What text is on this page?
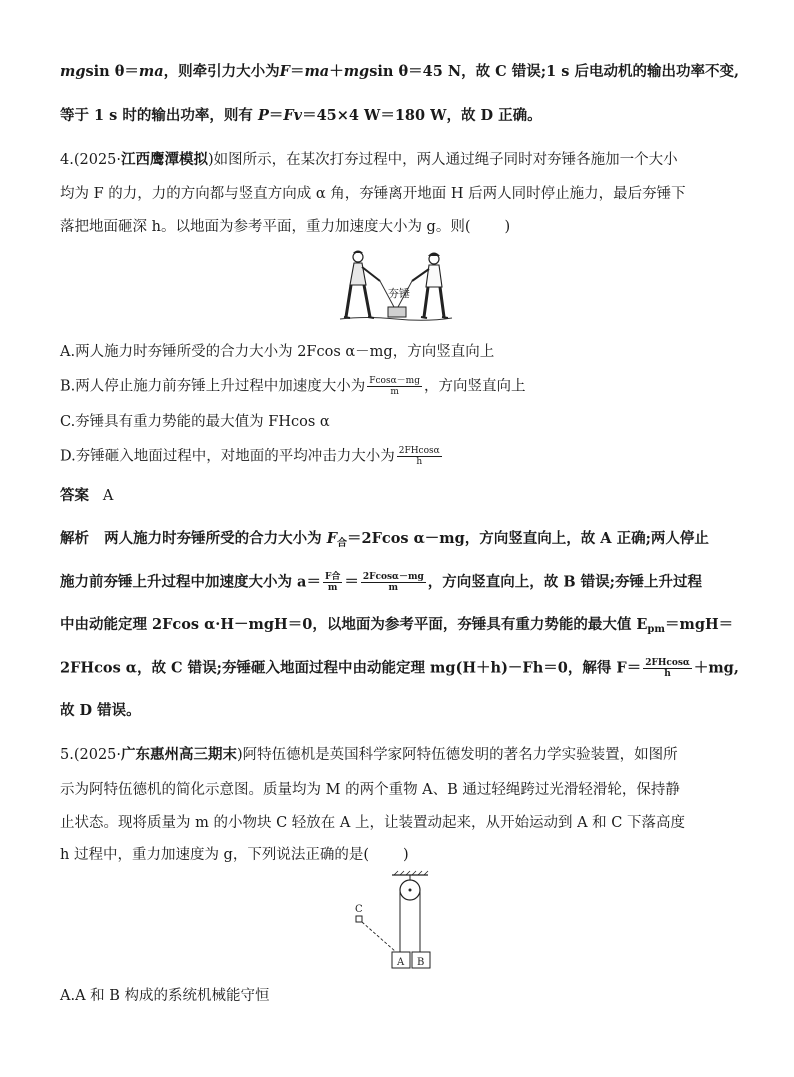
mgsin θ＝ma，则牵引力大小为F＝ma＋mgsin θ＝45 N，故 C 错误;1 s 后电动机的输出功率不变,
等于 1 s 时的输出功率，则有 P＝Fv＝45×4 W＝180 W，故 D 正确。
4.(2025·江西鹰潭模拟)如图所示，在某次打夯过程中，两人通过绳子同时对夯锤各施加一个大小
均为 F 的力，力的方向都与竖直方向成 α 角，夯锤离开地面 H 后两人同时停止施力，最后夯锤下
落把地面砸深 h。以地面为参考平面，重力加速度大小为 g。则( )
夯锤
A.两人施力时夯锤所受的合力大小为 2Fcos α－mg，方向竖直向上
B.两人停止施力前夯锤上升过程中加速度大小为 $\frac{Fcos\alpha-mg}{m}$ ，方向竖直向上
C.夯锤具有重力势能的最大值为 FHcos α
D.夯锤砸入地面过程中，对地面的平均冲击力大小为 $\frac{2FHcos\alpha}{h}$
答案 A
解析 两人施力时夯锤所受的合力大小为 $F_合=2Fcos$ α－mg，方向竖直向上，故 A 正确;两人停止
施力前夯锤上升过程中加速度大小为 $a= \frac{\text{F合}}{m} = \frac{2Fcos\alpha-mg}{m}$ ，方向竖直向上，故 B 错误;夯锤上升过程
中由动能定理 2Fcos α·H－mgH＝0，以地面为参考平面，夯锤具有重力势能的最大值 $E_{pm}=mgH=$
2FHcos α，故 C 错误;夯锤砸入地面过程中由动能定理 mg(H＋h)－Fh＝0，解得 $F= \frac{2FHcos\alpha}{h} +mg$,
故 D 错误。
5.(2025·广东惠州高三期末)阿特伍德机是英国科学家阿特伍德发明的著名力学实验装置，如图所
示为阿特伍德机的简化示意图。质量均为 M 的两个重物 A、B 通过轻绳跨过光滑轻滑轮，保持静
止状态。现将质量为 m 的小物块 C 轻放在 A 上，让装置动起来，从开始运动到 A 和 C 下落高度
h 过程中，重力加速度为 g，下列说法正确的是( )
A B
C
A.A 和 B 构成的系统机械能守恒
